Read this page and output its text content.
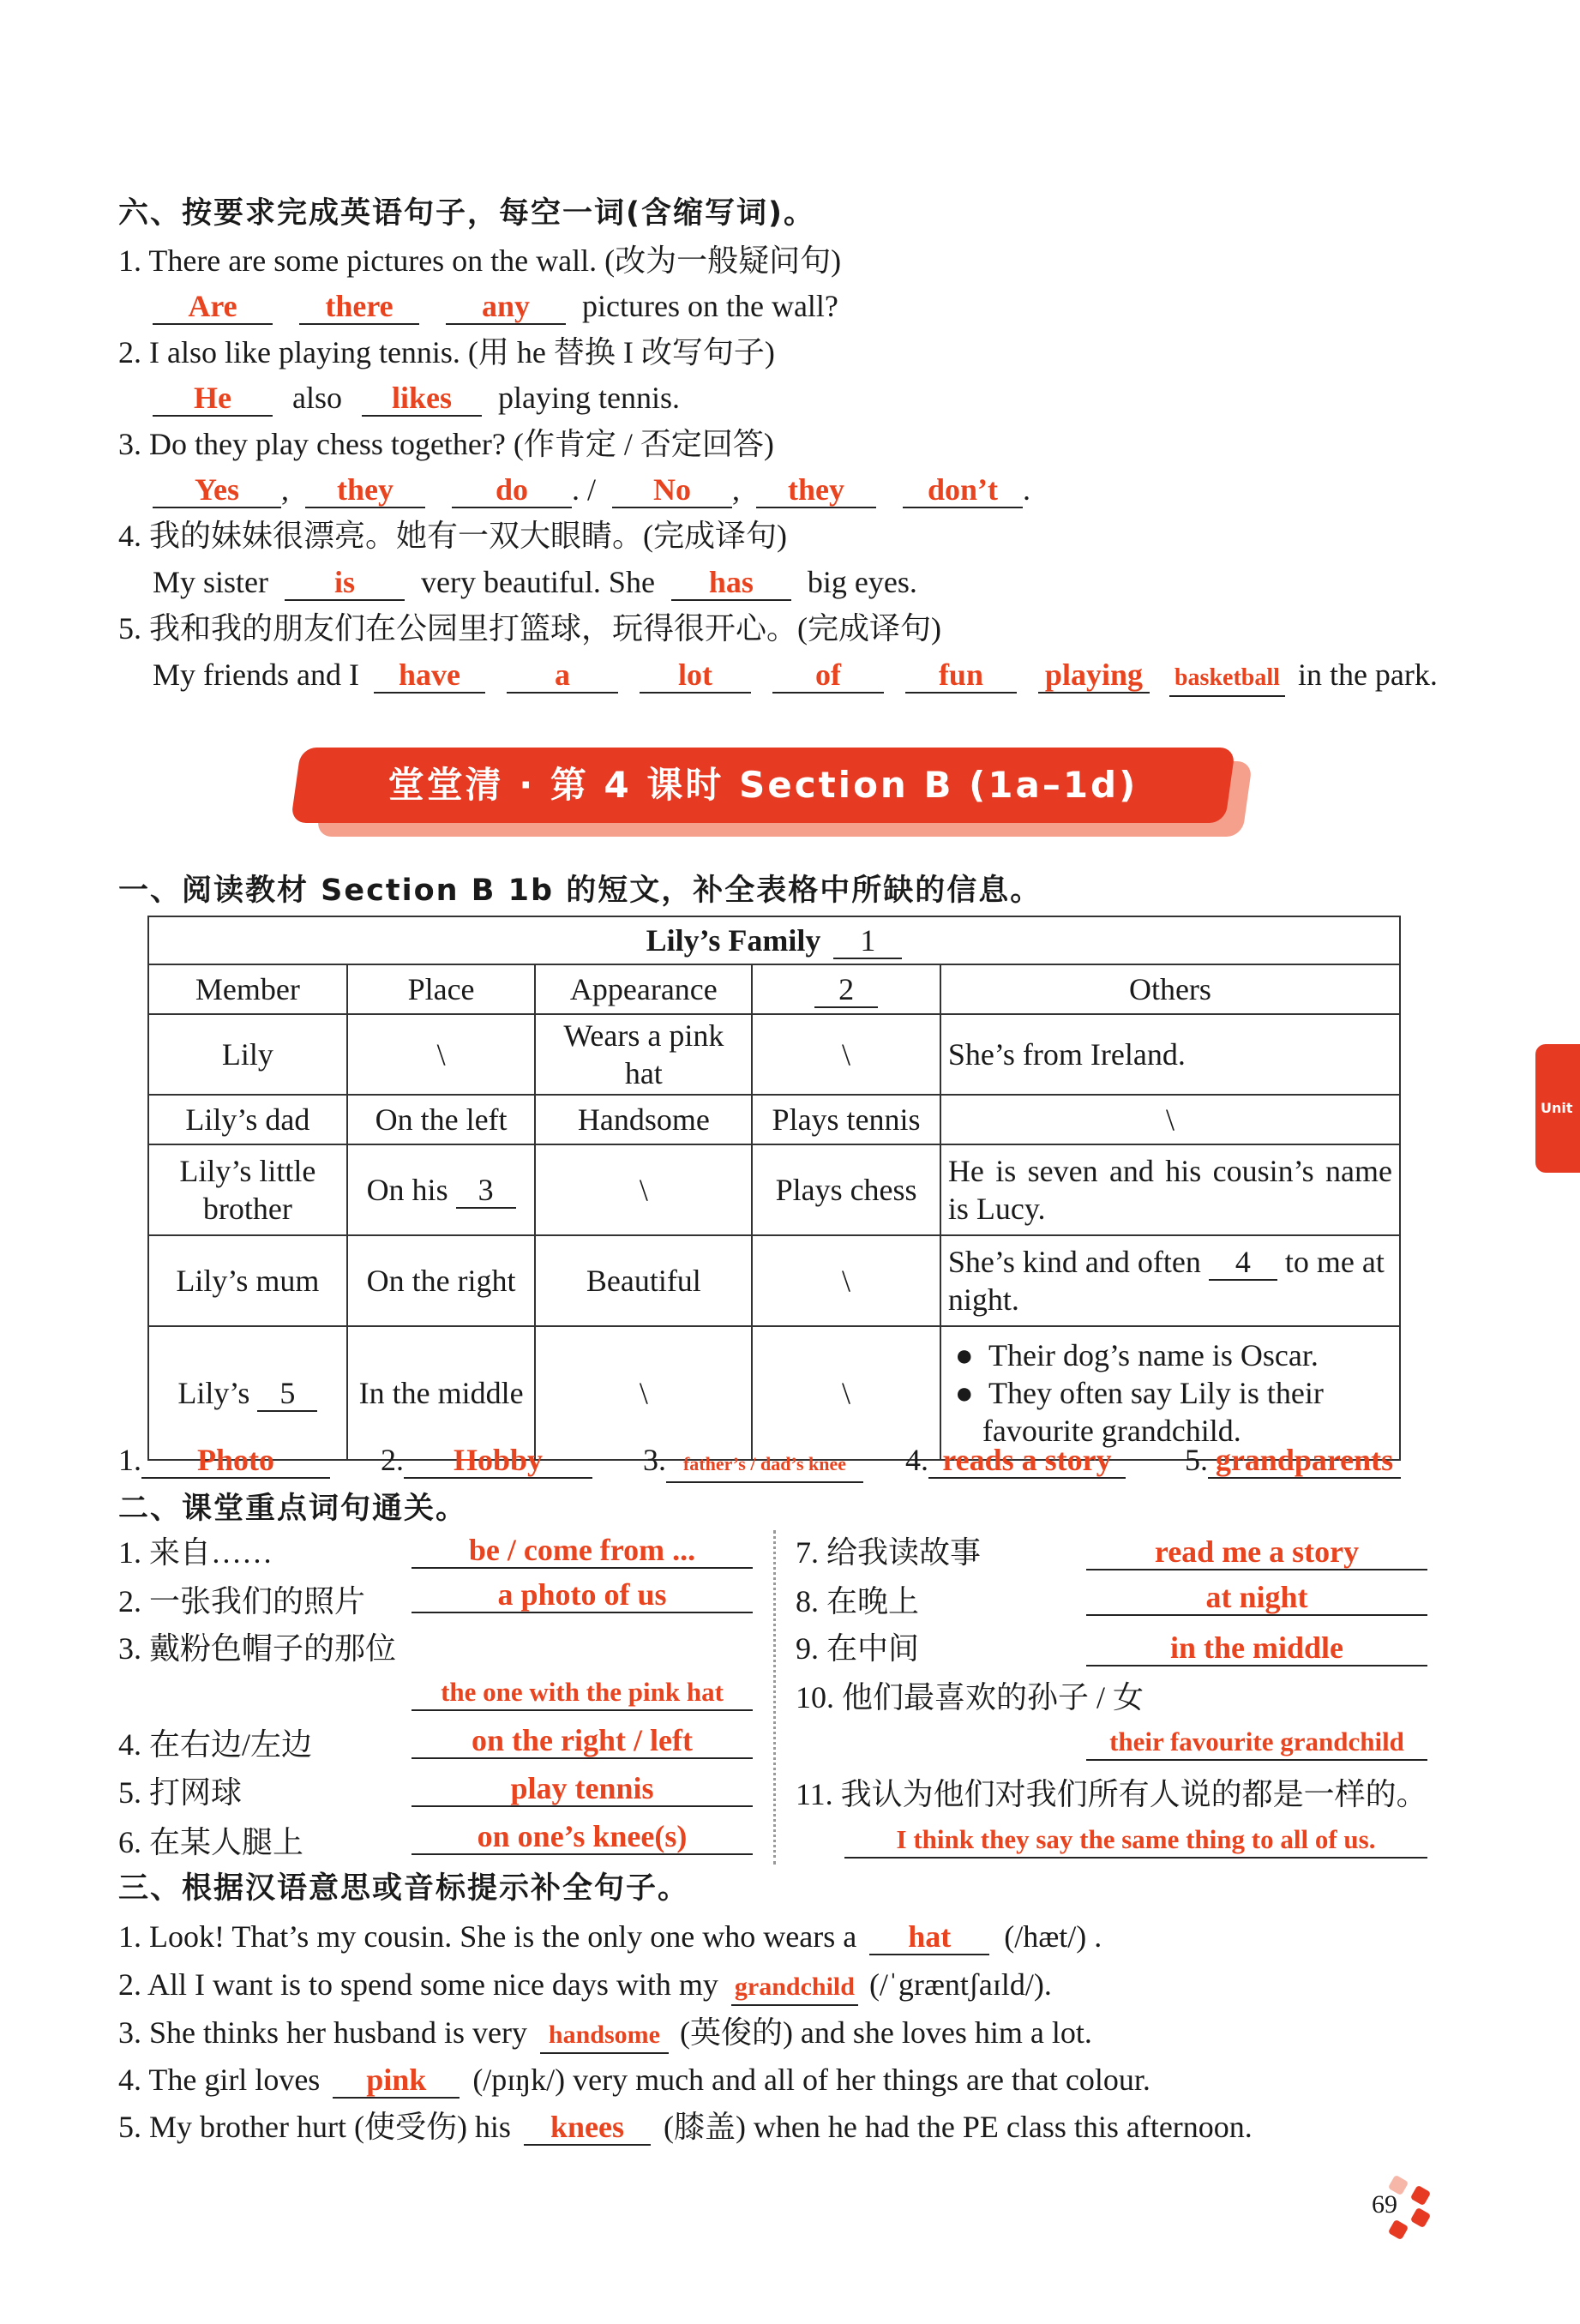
六、按要求完成英语句子，每空一词(含缩写词)。
1. There are some pictures on the wall. (改为一般疑问句)
Are	there	any pictures on the wall?
2. I also like playing tennis. (用 he 替换 I 改写句子)
He also likes playing tennis.
3. Do they play chess together? (作肯定 / 否定回答)
Yes , they	do . / No , they	don’t .
4. 我的妹妹很漂亮。她有一双大眼睛。(完成译句)
My sister is very beautiful. She has big eyes.
5. 我和我的朋友们在公园里打篮球，玩得很开心。(完成译句)
My friends and I have	a	lot	of	fun playing basketball in the park.
堂堂清 · 第 4 课时 Section B (1a–1d)
一、阅读教材 Section B 1b 的短文，补全表格中所缺的信息。
Lily’s Family 1				
Member	Place	Appearance	2	Others
Lily	\	Wears a pink hat	\	She’s from Ireland.
Lily’s dad	On the left	Handsome	Plays tennis	\
Lily’s little brother	On his 3	\	Plays chess	He is seven and his cousin’s name is Lucy.
Lily’s mum	On the right	Beautiful	\	She’s kind and often 4 to me at night.
Lily’s 5	In the middle	\	\	●  Their dog’s name is Oscar.
●  They often say Lily is their favourite grandchild.
1. Photo	2. Hobby	3. father’s / dad’s knee 4. reads a story 5. grandparents
二、课堂重点词句通关。
1. 来自……	be / come from ...
2. 一张我们的照片	a photo of us
3. 戴粉色帽子的那位
the one with the pink hat
4. 在右边/左边	on the right / left
5. 打网球	play tennis
6. 在某人腿上	on one’s knee(s)
7. 给我读故事	read me a story
8. 在晚上	at night
9. 在中间	in the middle
10. 他们最喜欢的孙子 / 女
their favourite grandchild
11. 我认为他们对我们所有人说的都是一样的。
I think they say the same thing to all of us.
三、根据汉语意思或音标提示补全句子。
1. Look! That’s my cousin. She is the only one who wears a hat (/hæt/) .
2. All I want is to spend some nice days with my grandchild (/ˈgræntʃaɪld/).
3. She thinks her husband is very handsome (英俊的) and she loves him a lot.
4. The girl loves pink (/pɪŋk/) very much and all of her things are that colour.
5. My brother hurt (使受伤) his knees (膝盖) when he had the PE class this afternoon.
Unit
69
